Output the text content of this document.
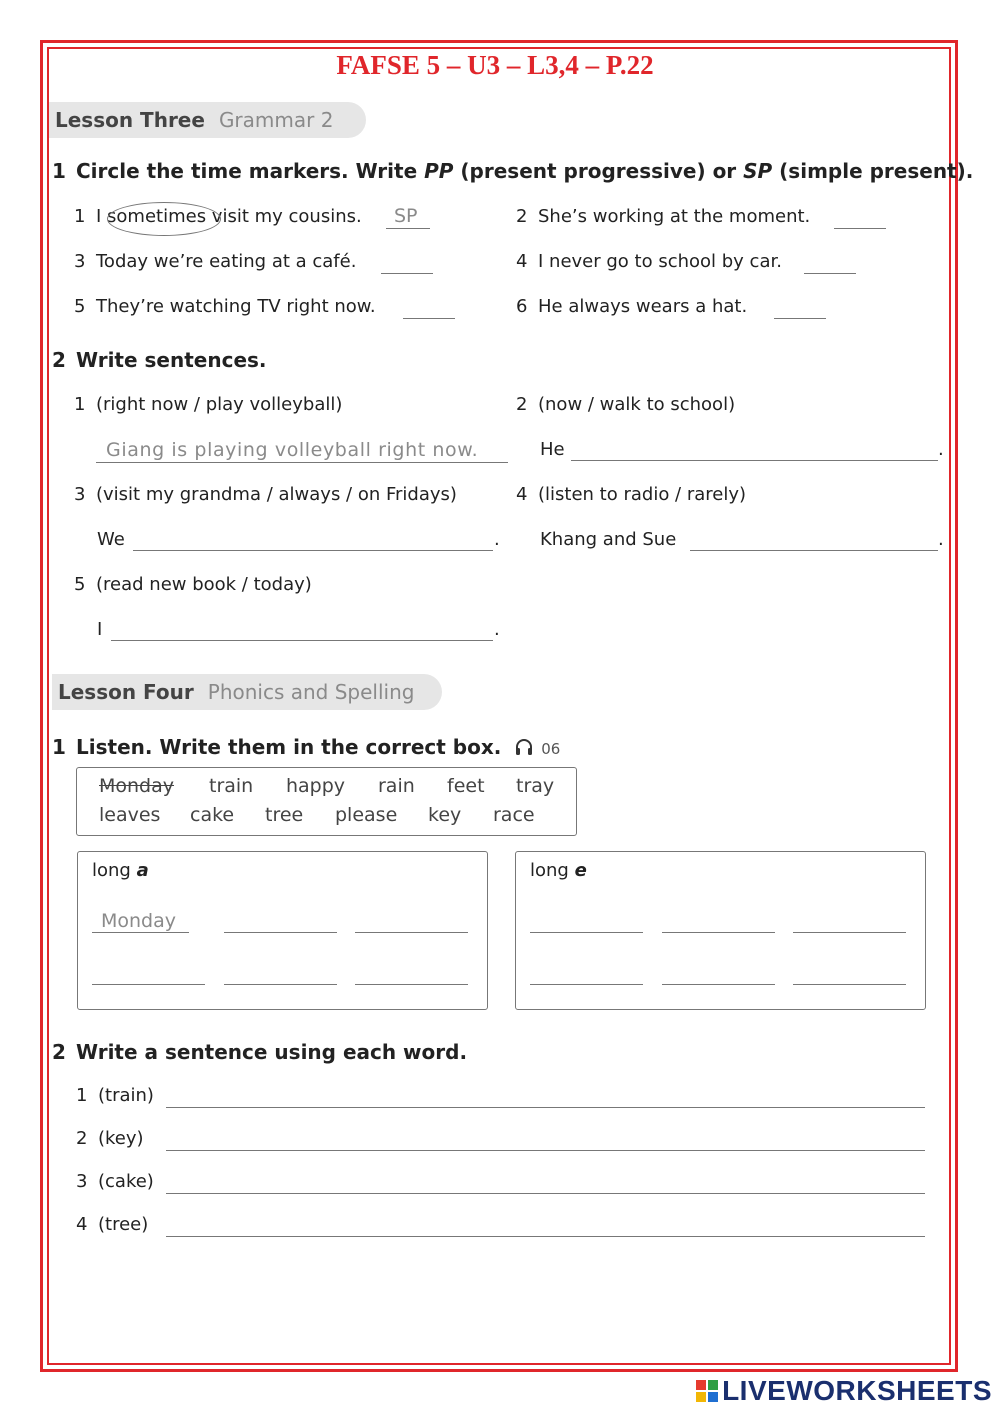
FAFSE 5 – U3 – L3,4 – P.22
Lesson Three Grammar 2
1 Circle the time markers. Write PP (present progressive) or SP (simple present).
1 I sometimes visit my cousins. SP	2 She’s working at the moment.
3 Today we’re eating at a café.	4 I never go to school by car.
5 They’re watching TV right now.	6 He always wears a hat.
2 Write sentences.
1 (right now / play volleyball)
Giang is playing volleyball right now.
2 (now / walk to school)
He	.
3 (visit my grandma / always / on Fridays)
We	.
4 (listen to radio / rarely)
Khang and Sue	.
5 (read new book / today)
I	.
Lesson Four Phonics and Spelling
1 Listen. Write them in the correct box.	06
Monday train happy rain feet tray
leaves cake tree please key race
long a
Monday
long e
2 Write a sentence using each word.
1 (train)
2 (key)
3 (cake)
4 (tree)
LIVEWORKSHEETS
